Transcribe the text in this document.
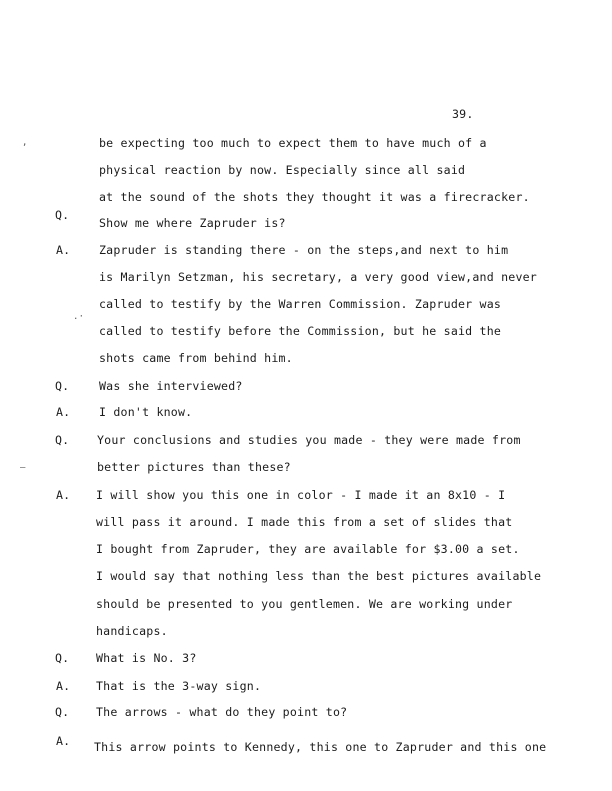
39.
,
.·
—
Q.
A.
Q.
A.
Q.
A.
Q.
A.
Q.
A.
be expecting too much to expect them to have much of a
physical reaction by now. Especially since all said
at the sound of the shots they thought it was a firecracker.
Show me where Zapruder is?
Zapruder is standing there - on the steps,and next to him
is Marilyn Setzman, his secretary, a very good view,and never
called to testify by the Warren Commission. Zapruder was
called to testify before the Commission, but he said the
shots came from behind him.
Was she interviewed?
I don't know.
Your conclusions and studies you made - they were made from
better pictures than these?
I will show you this one in color - I made it an 8x10 - I
will pass it around. I made this from a set of slides that
I bought from Zapruder, they are available for $3.00 a set.
I would say that nothing less than the best pictures available
should be presented to you gentlemen. We are working under
handicaps.
What is No. 3?
That is the 3-way sign.
The arrows - what do they point to?
This arrow points to Kennedy, this one to Zapruder and this one
